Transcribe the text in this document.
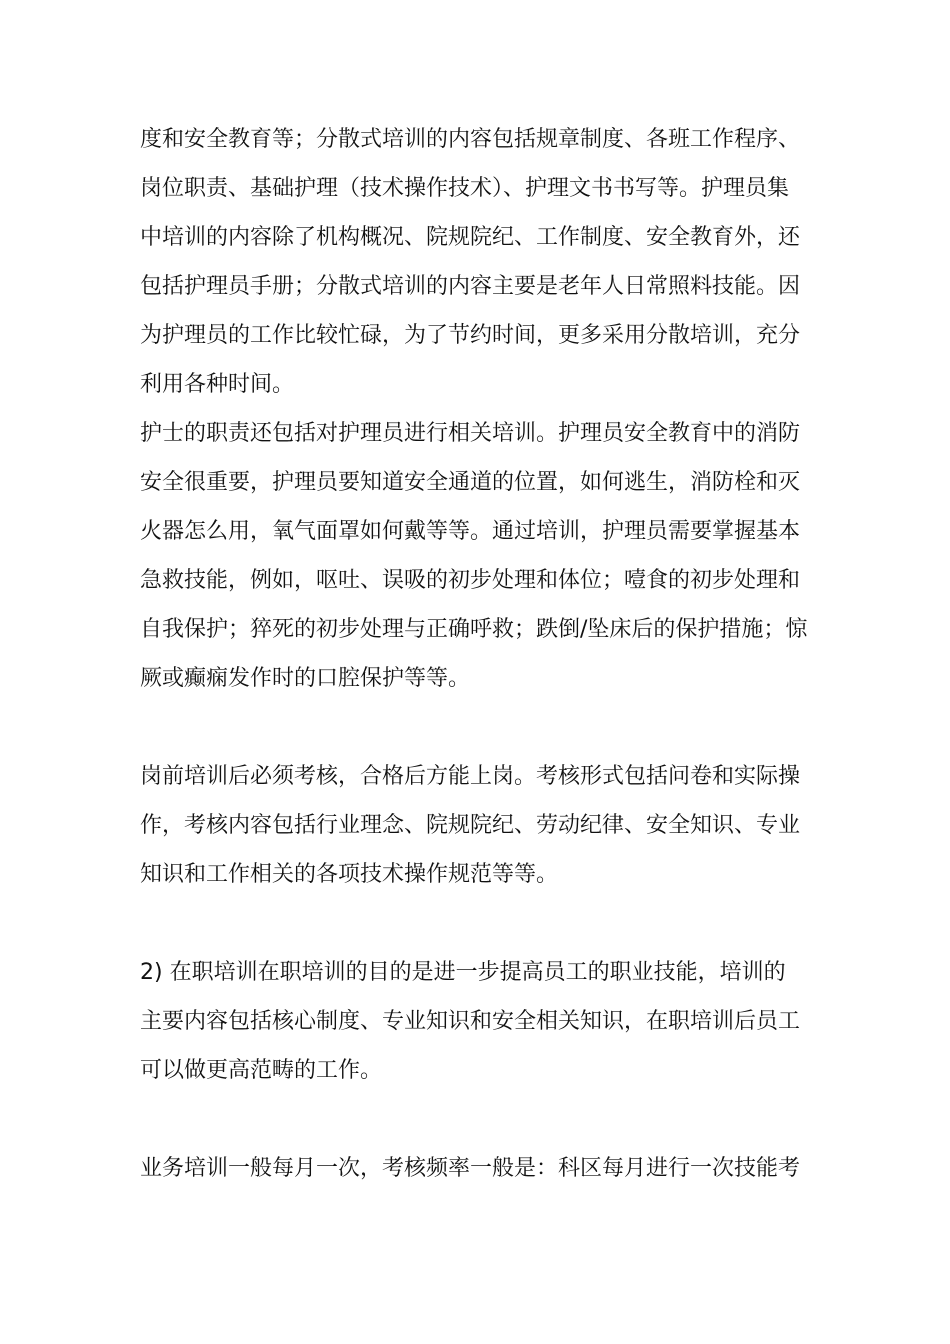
度和安全教育等；分散式培训的内容包括规章制度、各班工作程序、
岗位职责、基础护理（技术操作技术）、护理文书书写等。护理员集
中培训的内容除了机构概况、院规院纪、工作制度、安全教育外，还
包括护理员手册；分散式培训的内容主要是老年人日常照料技能。因
为护理员的工作比较忙碌，为了节约时间，更多采用分散培训，充分
利用各种时间。
护士的职责还包括对护理员进行相关培训。护理员安全教育中的消防
安全很重要，护理员要知道安全通道的位置，如何逃生，消防栓和灭
火器怎么用，氧气面罩如何戴等等。通过培训，护理员需要掌握基本
急救技能，例如，呕吐、误吸的初步处理和体位；噎食的初步处理和
自我保护；猝死的初步处理与正确呼救；跌倒/坠床后的保护措施；惊
厥或癫痫发作时的口腔保护等等。
岗前培训后必须考核，合格后方能上岗。考核形式包括问卷和实际操
作，考核内容包括行业理念、院规院纪、劳动纪律、安全知识、专业
知识和工作相关的各项技术操作规范等等。
2) 在职培训在职培训的目的是进一步提高员工的职业技能，培训的
主要内容包括核心制度、专业知识和安全相关知识，在职培训后员工
可以做更高范畴的工作。
业务培训一般每月一次，考核频率一般是：科区每月进行一次技能考
